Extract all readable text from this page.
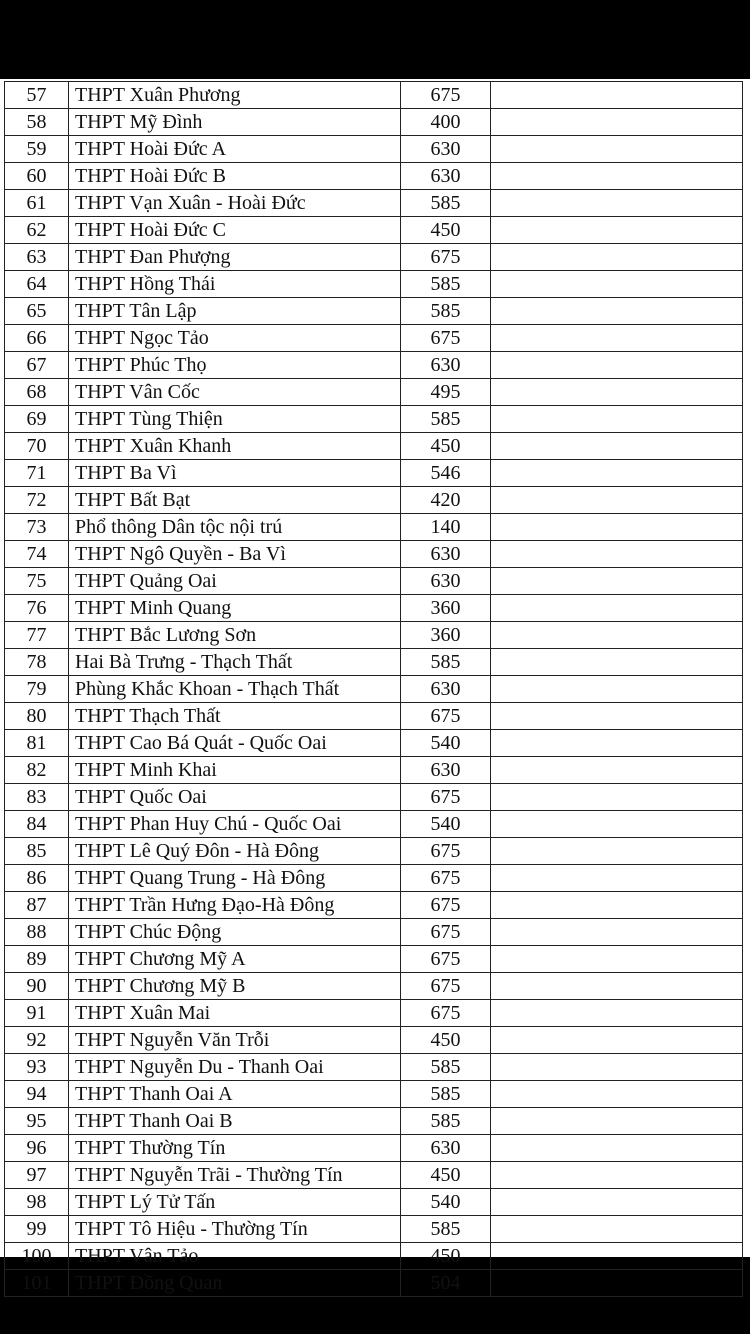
57	THPT Xuân Phương	675	
58	THPT Mỹ Đình	400	
59	THPT Hoài Đức A	630	
60	THPT Hoài Đức B	630	
61	THPT Vạn Xuân - Hoài Đức	585	
62	THPT Hoài Đức C	450	
63	THPT Đan Phượng	675	
64	THPT Hồng Thái	585	
65	THPT Tân Lập	585	
66	THPT Ngọc Tảo	675	
67	THPT Phúc Thọ	630	
68	THPT Vân Cốc	495	
69	THPT Tùng Thiện	585	
70	THPT Xuân Khanh	450	
71	THPT Ba Vì	546	
72	THPT Bất Bạt	420	
73	Phổ thông Dân tộc nội trú	140	
74	THPT Ngô Quyền - Ba Vì	630	
75	THPT Quảng Oai	630	
76	THPT Minh Quang	360	
77	THPT Bắc Lương Sơn	360	
78	Hai Bà Trưng - Thạch Thất	585	
79	Phùng Khắc Khoan - Thạch Thất	630	
80	THPT Thạch Thất	675	
81	THPT Cao Bá Quát - Quốc Oai	540	
82	THPT Minh Khai	630	
83	THPT Quốc Oai	675	
84	THPT Phan Huy Chú - Quốc Oai	540	
85	THPT Lê Quý Đôn - Hà Đông	675	
86	THPT Quang Trung - Hà Đông	675	
87	THPT Trần Hưng Đạo-Hà Đông	675	
88	THPT Chúc Động	675	
89	THPT Chương Mỹ A	675	
90	THPT Chương Mỹ B	675	
91	THPT Xuân Mai	675	
92	THPT Nguyễn Văn Trỗi	450	
93	THPT Nguyễn Du - Thanh Oai	585	
94	THPT Thanh Oai A	585	
95	THPT Thanh Oai B	585	
96	THPT Thường Tín	630	
97	THPT Nguyễn Trãi - Thường Tín	450	
98	THPT Lý Tử Tấn	540	
99	THPT Tô Hiệu - Thường Tín	585	
100	THPT Vân Tảo	450	
101	THPT Đồng Quan	504	
